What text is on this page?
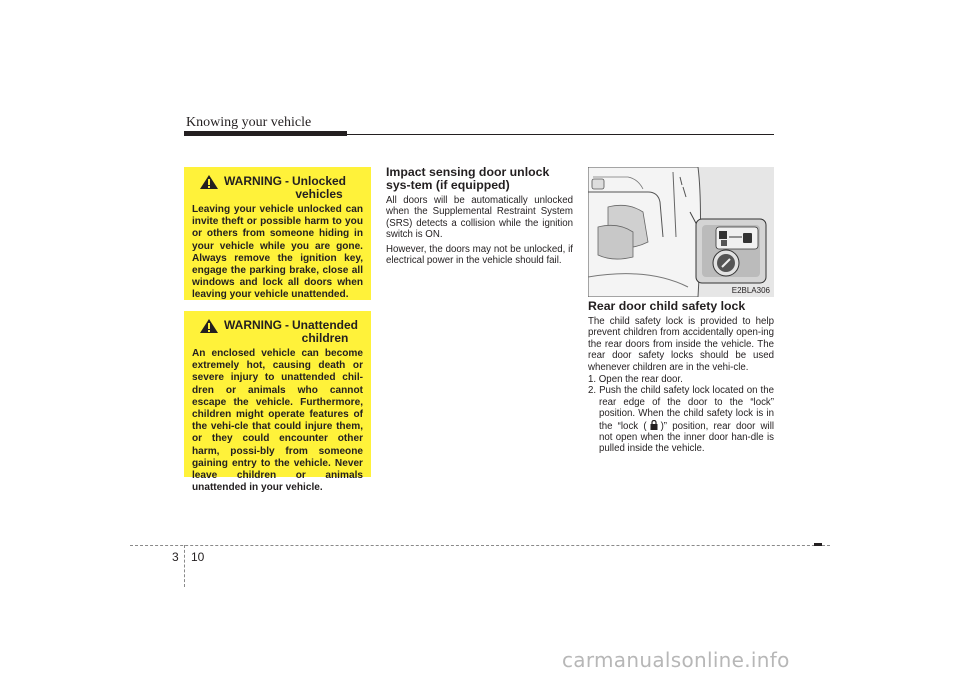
Knowing your vehicle
WARNING - Unlocked
vehicles
Leaving your vehicle unlocked can invite theft or possible harm to you or others from someone hiding in your vehicle while you are gone. Always remove the ignition key, engage the parking brake, close all windows and lock all doors when leaving your vehicle unattended.
WARNING - Unattended
children
An enclosed vehicle can become extremely hot, causing death or severe injury to unattended chil-dren or animals who cannot escape the vehicle. Furthermore, children might operate features of the vehi-cle that could injure them, or they could encounter other harm, possi-bly from someone gaining entry to the vehicle. Never leave children or animals unattended in your vehicle.
Impact sensing door unlock sys-tem (if equipped)
All doors will be automatically unlocked when the Supplemental Restraint System (SRS) detects a collision while the ignition switch is ON.
However, the doors may not be unlocked, if electrical power in the vehicle should fail.
E2BLA306
Rear door child safety lock
The child safety lock is provided to help prevent children from accidentally open-ing the rear doors from inside the vehicle. The rear door safety locks should be used whenever children are in the vehi-cle.
1. Open the rear door.
2. Push the child safety lock located on the rear edge of the door to the “lock” position. When the child safety lock is in the “lock ( )” position, rear door will not open when the inner door han-dle is pulled inside the vehicle.
3 10
carmanualsonline.info
